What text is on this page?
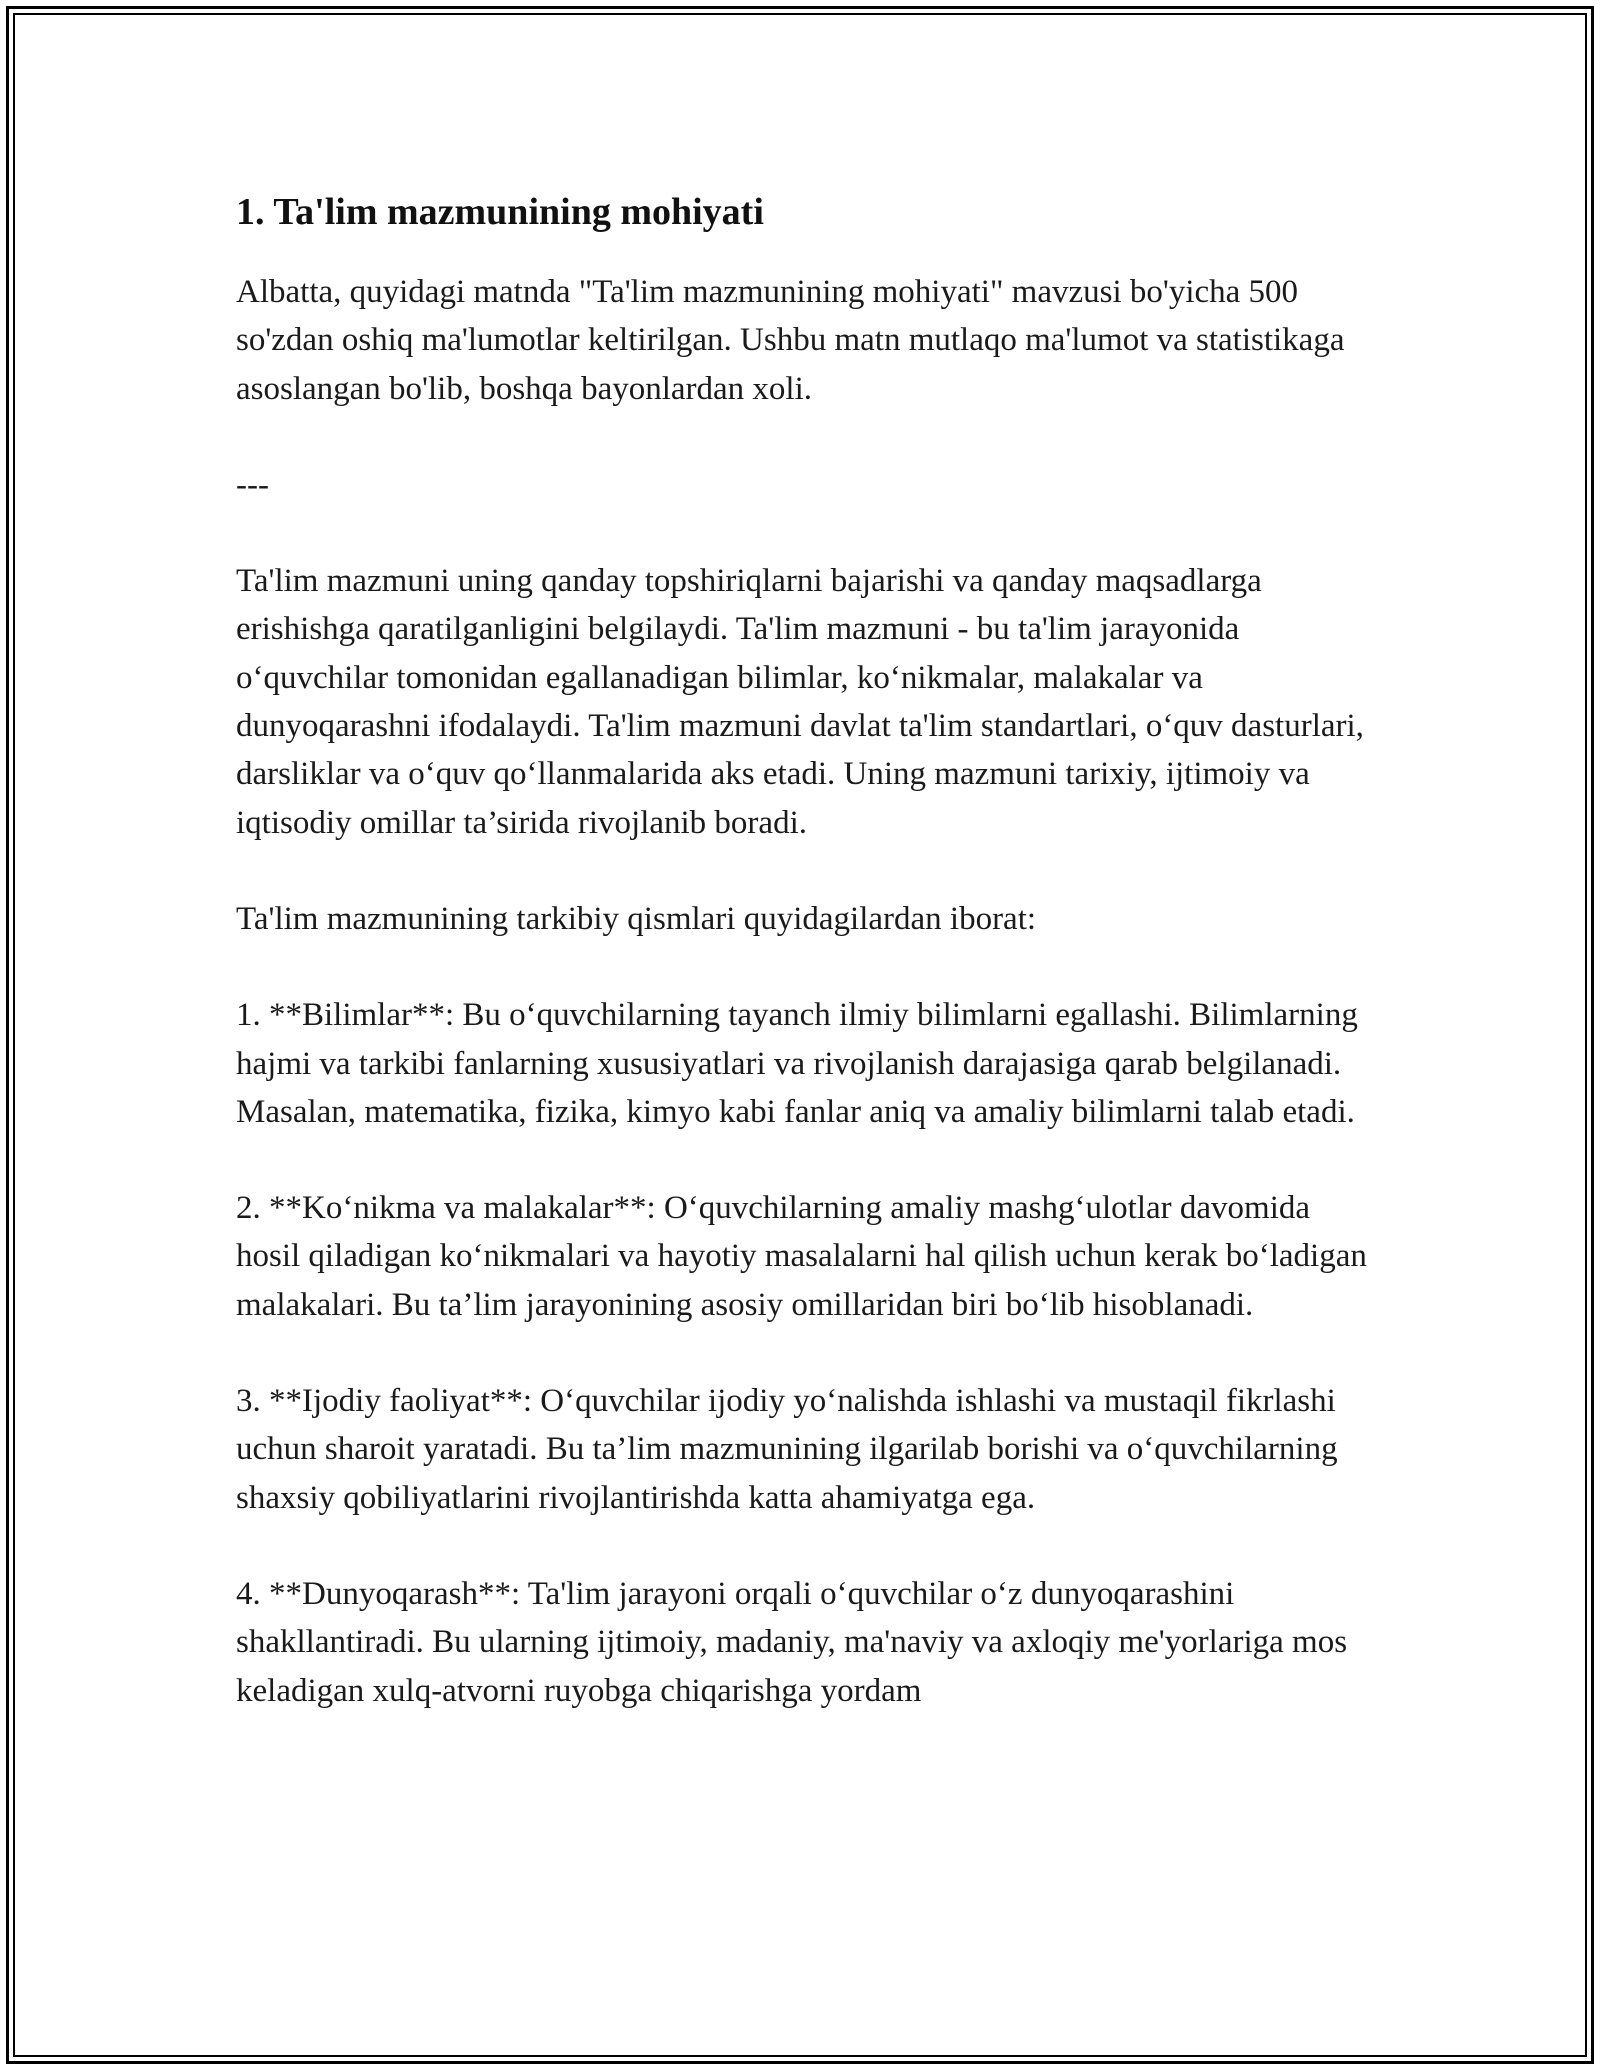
1. Ta'lim mazmunining mohiyati

Albatta, quyidagi matnda "Ta'lim mazmunining mohiyati" mavzusi bo'yicha 500 so'zdan oshiq ma'lumotlar keltirilgan. Ushbu matn mutlaqo ma'lumot va statistikaga asoslangan bo'lib, boshqa bayonlardan xoli.

---

Ta'lim mazmuni uning qanday topshiriqlarni bajarishi va qanday maqsadlarga erishishga qaratilganligini belgilaydi. Ta'lim mazmuni - bu ta'lim jarayonida o‘quvchilar tomonidan egallanadigan bilimlar, ko‘nikmalar, malakalar va dunyoqarashni ifodalaydi. Ta'lim mazmuni davlat ta'lim standartlari, o‘quv dasturlari, darsliklar va o‘quv qo‘llanmalarida aks etadi. Uning mazmuni tarixiy, ijtimoiy va iqtisodiy omillar ta’sirida rivojlanib boradi.

Ta'lim mazmunining tarkibiy qismlari quyidagilardan iborat:

1. **Bilimlar**: Bu o‘quvchilarning tayanch ilmiy bilimlarni egallashi. Bilimlarning hajmi va tarkibi fanlarning xususiyatlari va rivojlanish darajasiga qarab belgilanadi. Masalan, matematika, fizika, kimyo kabi fanlar aniq va amaliy bilimlarni talab etadi.

2. **Ko‘nikma va malakalar**: O‘quvchilarning amaliy mashg‘ulotlar davomida hosil qiladigan ko‘nikmalari va hayotiy masalalarni hal qilish uchun kerak bo‘ladigan malakalari. Bu ta’lim jarayonining asosiy omillaridan biri bo‘lib hisoblanadi.

3. **Ijodiy faoliyat**: O‘quvchilar ijodiy yo‘nalishda ishlashi va mustaqil fikrlashi uchun sharoit yaratadi. Bu ta’lim mazmunining ilgarilab borishi va o‘quvchilarning shaxsiy qobiliyatlarini rivojlantirishda katta ahamiyatga ega.

4. **Dunyoqarash**: Ta'lim jarayoni orqali o‘quvchilar o‘z dunyoqarashini shakllantiradi. Bu ularning ijtimoiy, madaniy, ma'naviy va axloqiy me'yorlariga mos keladigan xulq-atvorni ruyobga chiqarishga yordam
